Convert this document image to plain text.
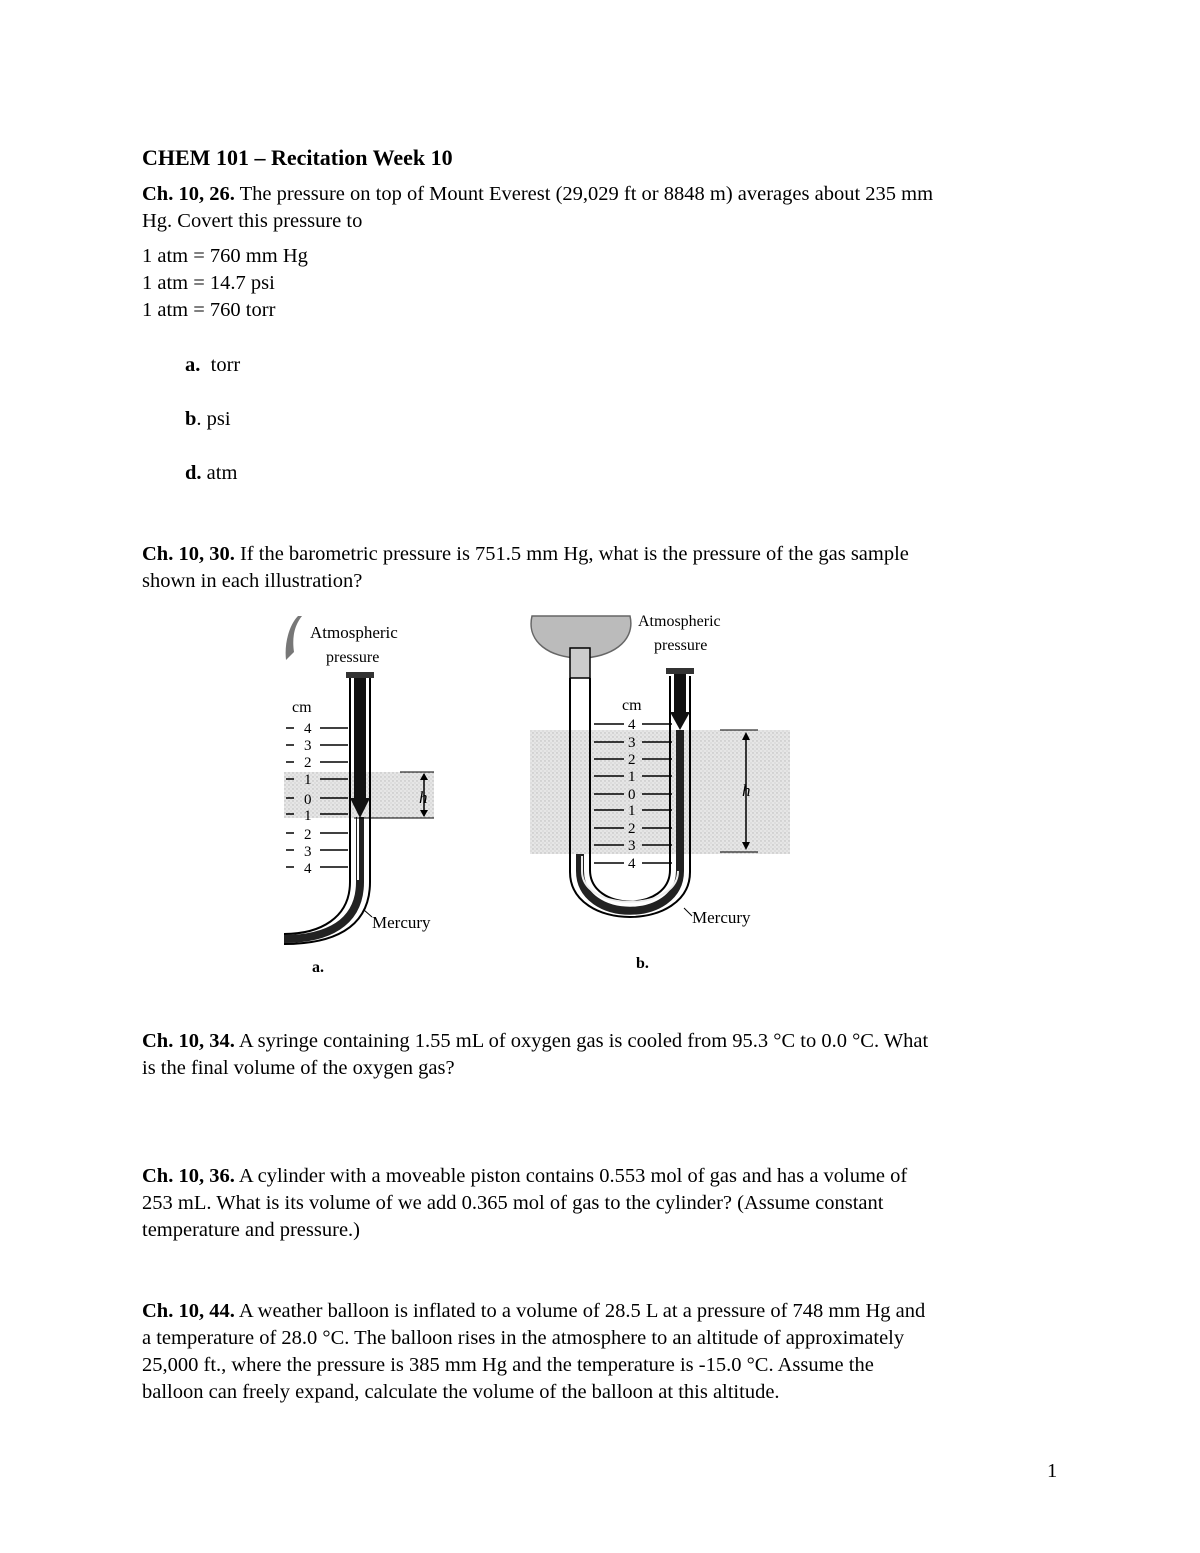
CHEM 101 – Recitation Week 10
Ch. 10, 26. The pressure on top of Mount Everest (29,029 ft or 8848 m) averages about 235 mm
Hg. Covert this pressure to
1 atm = 760 mm Hg
1 atm = 14.7 psi
1 atm = 760 torr
a. torr
b. psi
d. atm
Ch. 10, 30. If the barometric pressure is 751.5 mm Hg, what is the pressure of the gas sample
shown in each illustration?
Atmospheric
pressure
cm
4
3
2
1
0
1
2
3
4
h
Mercury
a.
Atmospheric
pressure
cm
4
3
2
1
0
1
2
3
4
h
Mercury
b.
Ch. 10, 34. A syringe containing 1.55 mL of oxygen gas is cooled from 95.3 °C to 0.0 °C. What
is the final volume of the oxygen gas?
Ch. 10, 36. A cylinder with a moveable piston contains 0.553 mol of gas and has a volume of
253 mL. What is its volume of we add 0.365 mol of gas to the cylinder? (Assume constant
temperature and pressure.)
Ch. 10, 44. A weather balloon is inflated to a volume of 28.5 L at a pressure of 748 mm Hg and
a temperature of 28.0 °C. The balloon rises in the atmosphere to an altitude of approximately
25,000 ft., where the pressure is 385 mm Hg and the temperature is -15.0 °C. Assume the
balloon can freely expand, calculate the volume of the balloon at this altitude.
1
